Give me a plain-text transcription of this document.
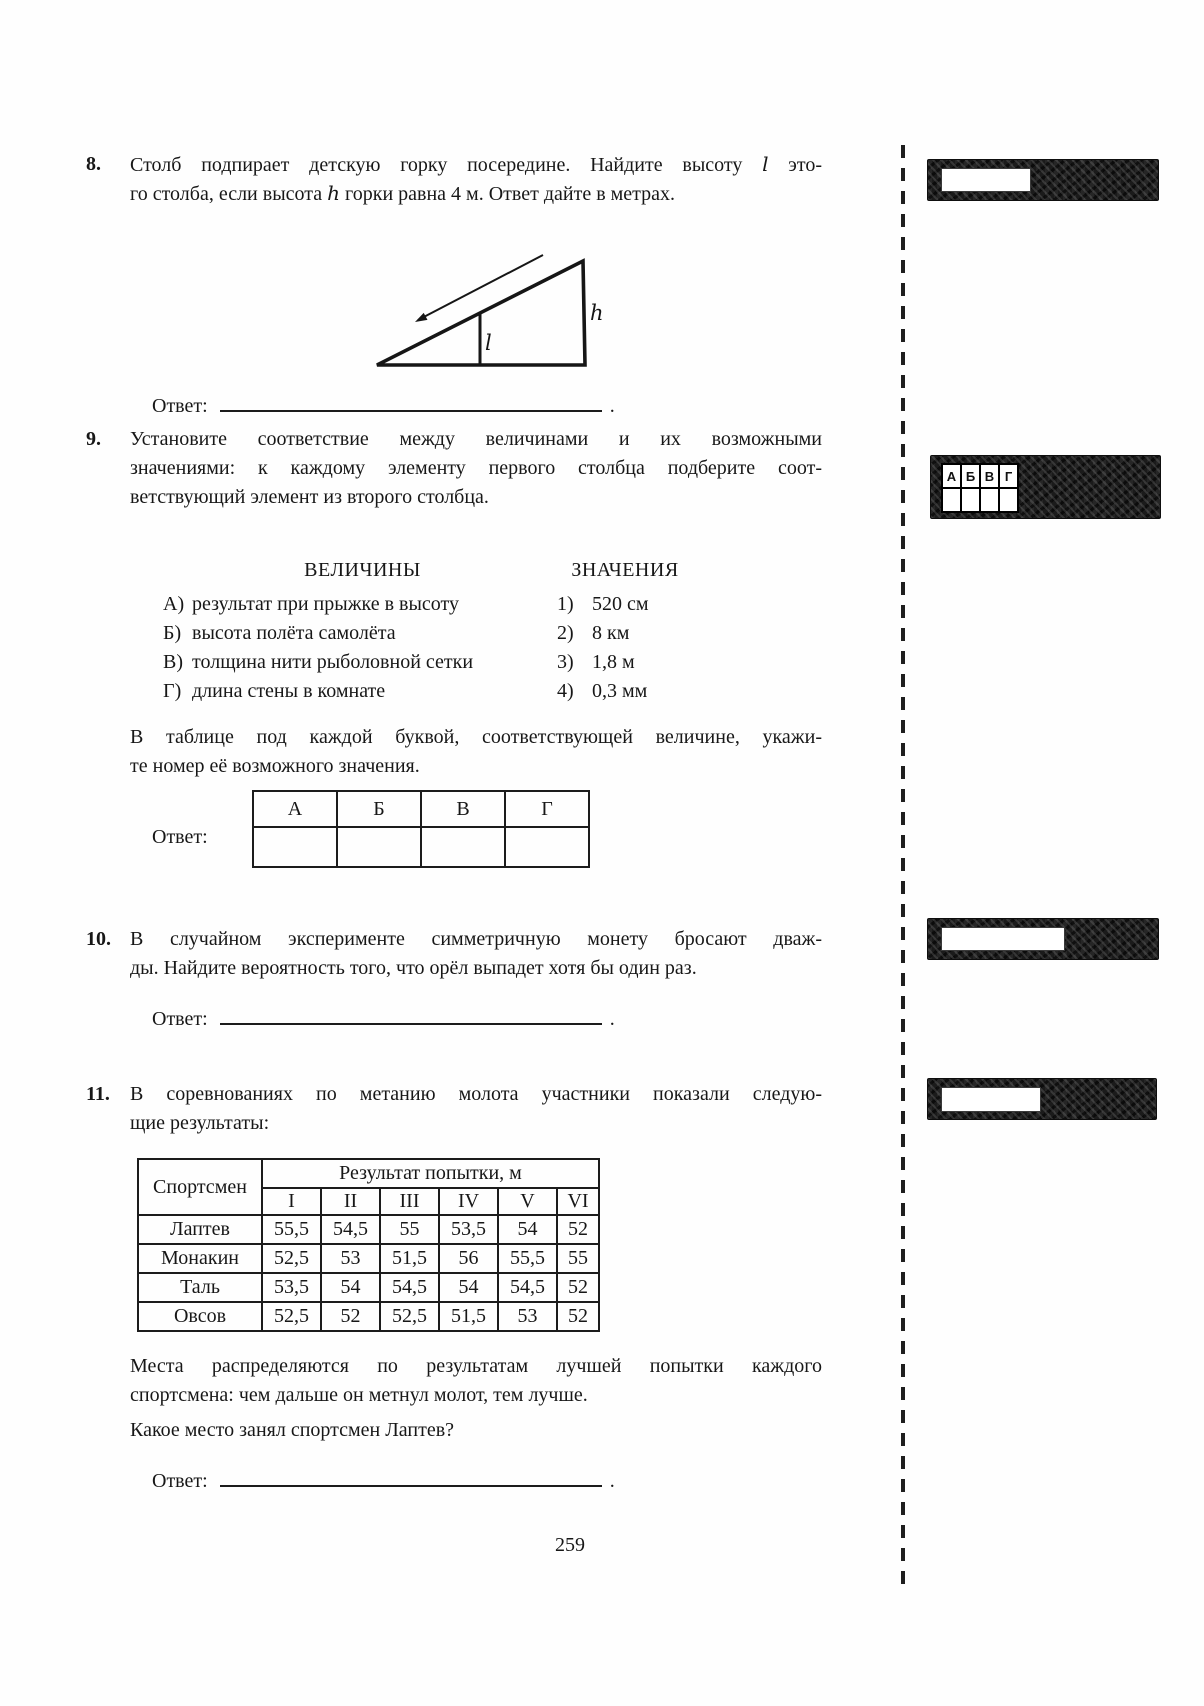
8.	Столб подпирает детскую горку посередине. Найдите высоту l это-
го столба, если высота h горки равна 4 м. Ответ дайте в метрах.
h
l
Ответ:	.
9.	Установите соответствие между величинами и их возможными
значениями: к каждому элементу первого столбца подберите соот-
ветствующий элемент из второго столбца.
ВЕЛИЧИНЫ	ЗНАЧЕНИЯ
А) результат при прыжке в высоту	1) 520 см
Б) высота полёта самолёта	2) 8 км
В) толщина нити рыболовной сетки	3) 1,8 м
Г) длина стены в комнате	4) 0,3 мм
В таблице под каждой буквой, соответствующей величине, укажи-
те номер её возможного значения.
Ответ:
А	Б	В	Г

10. В случайном эксперименте симметричную монету бросают дваж-
ды. Найдите вероятность того, что орёл выпадет хотя бы один раз.
Ответ:	.
11.	В соревнованиях по метанию молота участники показали следую-
щие результаты:
Спортсмен	Результат попытки, м					
	I	II	III	IV	V	VI
Лаптев	55,5	54,5	55	53,5	54	52
Монакин	52,5	53	51,5	56	55,5	55
Таль	53,5	54	54,5	54	54,5	52
Овсов	52,5	52	52,5	51,5	53	52
Места распределяются по результатам лучшей попытки каждого
спортсмена: чем дальше он метнул молот, тем лучше.
Какое место занял спортсмен Лаптев?
Ответ:	.
259
А	Б	В	Г
